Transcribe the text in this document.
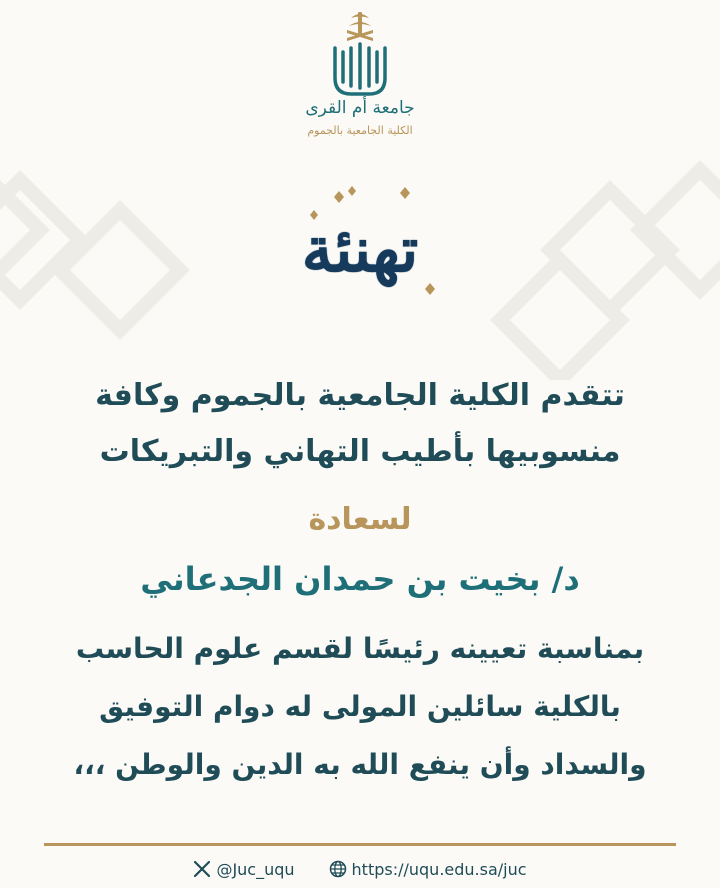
جامعة أم القرى
الكلية الجامعية بالجموم
تهنئة
تتقدم الكلية الجامعية بالجموم وكافة
منسوبيها بأطيب التهاني والتبريكات
لسعادة
د/ بخيت بن حمدان الجدعاني
بمناسبة تعيينه رئيسًا لقسم علوم الحاسب
بالكلية سائلين المولى له دوام التوفيق
والسداد وأن ينفع الله به الدين والوطن ،،،
@Juc_uqu	https://uqu.edu.sa/juc
